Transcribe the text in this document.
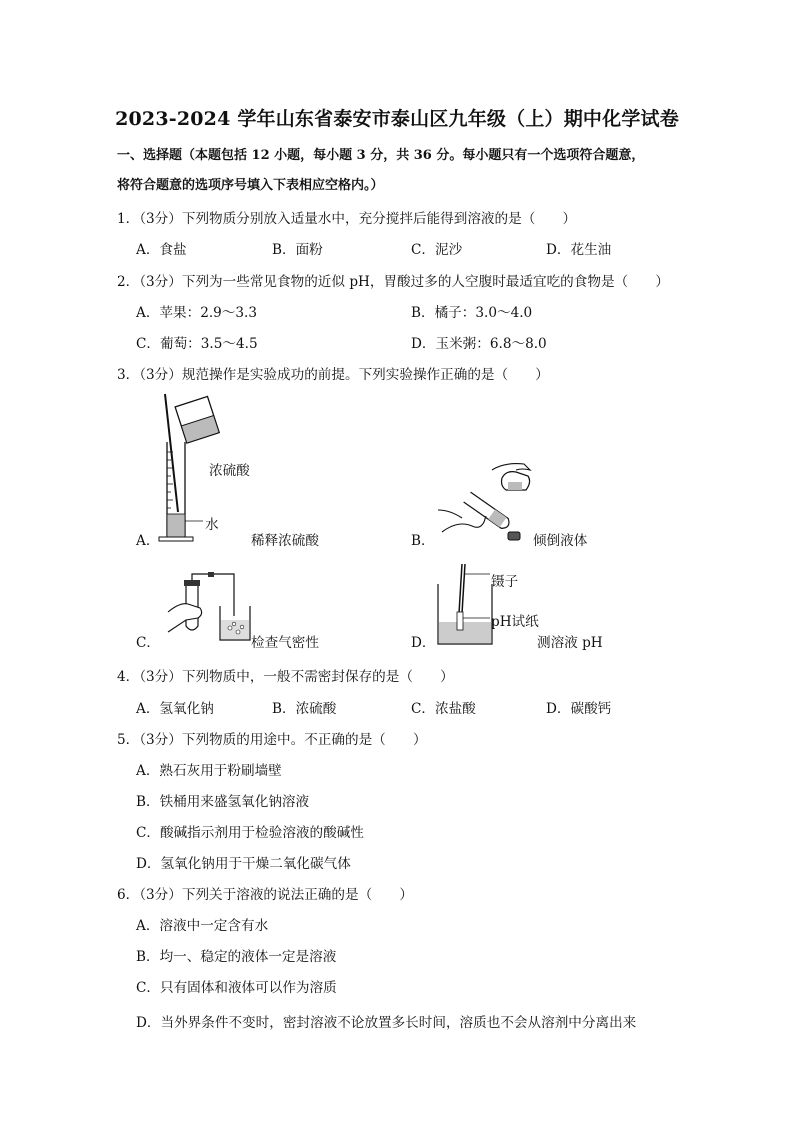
2023-2024 学年山东省泰安市泰山区九年级（上）期中化学试卷
一、选择题（本题包括 12 小题，每小题 3 分，共 36 分。每小题只有一个选项符合题意，
将符合题意的选项序号填入下表相应空格内。）
1．（3分）下列物质分别放入适量水中，充分搅拌后能得到溶液的是（　　）
A．食盐	B．面粉	C．泥沙	D．花生油
2．（3分）下列为一些常见食物的近似 pH，胃酸过多的人空腹时最适宜吃的食物是（　　）
A．苹果：2.9～3.3	B．橘子：3.0～4.0
C．葡萄：3.5～4.5	D．玉米粥：6.8～8.0
3．（3分）规范操作是实验成功的前提。下列实验操作正确的是（　　）
浓硫酸
水
A．	稀释浓硫酸	B．	倾倒液体
C．	检查气密性
镊子
pH试纸
D．	测溶液 pH
4．（3分）下列物质中，一般不需密封保存的是（　　）
A．氢氧化钠	B．浓硫酸	C．浓盐酸	D．碳酸钙
5．（3分）下列物质的用途中。不正确的是（　　）
A．熟石灰用于粉刷墙壁
B．铁桶用来盛氢氧化钠溶液
C．酸碱指示剂用于检验溶液的酸碱性
D．氢氧化钠用于干燥二氧化碳气体
6．（3分）下列关于溶液的说法正确的是（　　）
A．溶液中一定含有水
B．均一、稳定的液体一定是溶液
C．只有固体和液体可以作为溶质
D．当外界条件不变时，密封溶液不论放置多长时间，溶质也不会从溶剂中分离出来
